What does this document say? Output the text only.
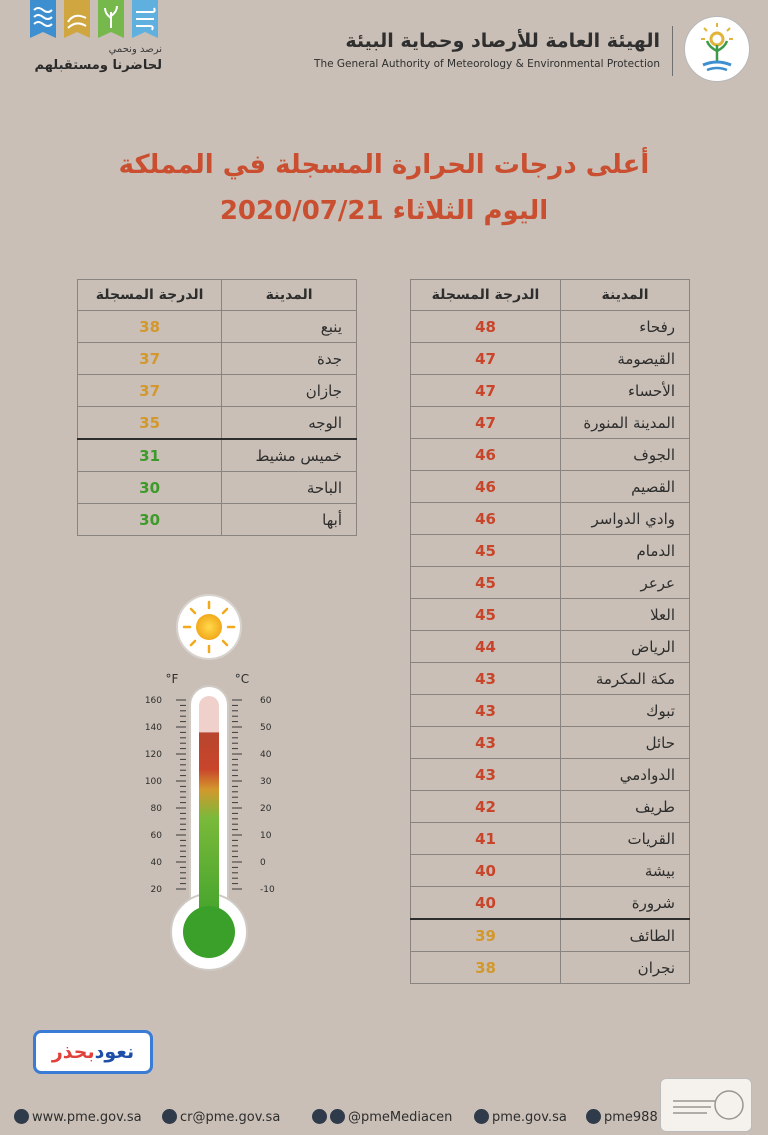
نرصد ونحمي
لحاضرنا ومستقبلهم
الهيئة العامة للأرصاد وحماية البيئة
The General Authority of Meteorology & Environmental Protection
أعلى درجات الحرارة المسجلة في المملكة
اليوم الثلاثاء 2020/07/21
المدينة	الدرجة المسجلة
رفحاء	48
القيصومة	47
الأحساء	47
المدينة المنورة	47
الجوف	46
القصيم	46
وادي الدواسر	46
الدمام	45
عرعر	45
العلا	45
الرياض	44
مكة المكرمة	43
تبوك	43
حائل	43
الدوادمي	43
طريف	42
القريات	41
بيشة	40
شرورة	40
الطائف	39
نجران	38
المدينة	الدرجة المسجلة
ينبع	38
جدة	37
جازان	37
الوجه	35
خميس مشيط	31
الباحة	30
أبها	30
°F	°C
160
140
120
100
80
60
40
20
60
50
40
30
20
10
0
-10
نعودبحذر
www.pme.gov.sa	cr@pme.gov.sa	@pmeMediacen	pme.gov.sa	pme988
